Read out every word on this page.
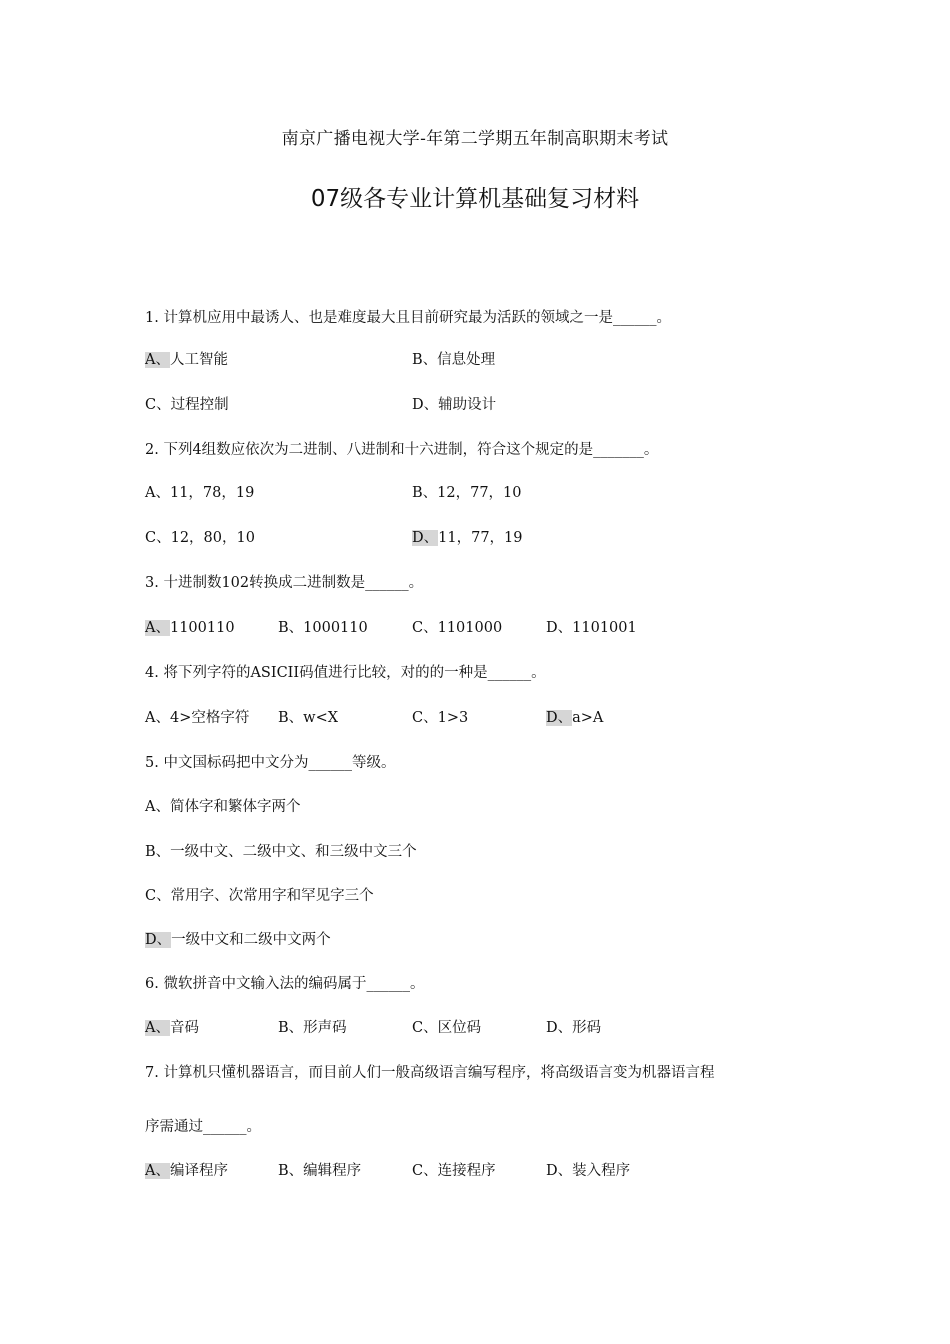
南京广播电视大学-年第二学期五年制高职期末考试
07级各专业计算机基础复习材料
1. 计算机应用中最诱人、也是难度最大且目前研究最为活跃的领域之一是______。
A、人工智能	B、信息处理
C、过程控制	D、辅助设计
2. 下列4组数应依次为二进制、八进制和十六进制，符合这个规定的是_______。
A、11，78，19	B、12，77，10
C、12，80，10	D、11，77，19
3. 十进制数102转换成二进制数是______。
A、1100110	B、1000110	C、1101000	D、1101001
4. 将下列字符的ASICII码值进行比较，对的的一种是______。
A、4>空格字符 B、w<X	C、1>3	D、a>A
5. 中文国标码把中文分为______等级。
A、简体字和繁体字两个
B、一级中文、二级中文、和三级中文三个
C、常用字、次常用字和罕见字三个
D、一级中文和二级中文两个
6. 微软拼音中文输入法的编码属于______。
A、音码	B、形声码	C、区位码	D、形码
7. 计算机只懂机器语言，而目前人们一般高级语言编写程序，将高级语言变为机器语言程
序需通过______。
A、编译程序	B、编辑程序	C、连接程序	D、装入程序
